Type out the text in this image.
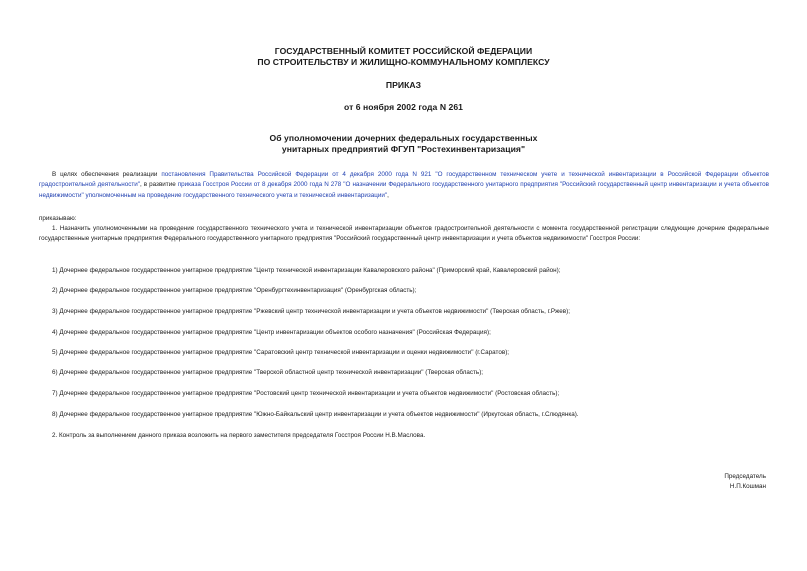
ГОСУДАРСТВЕННЫЙ КОМИТЕТ РОССИЙСКОЙ ФЕДЕРАЦИИ
ПО СТРОИТЕЛЬСТВУ И ЖИЛИЩНО-КОММУНАЛЬНОМУ КОМПЛЕКСУ
ПРИКАЗ
от 6 ноября 2002 года N 261
Об уполномочении дочерних федеральных государственных
унитарных предприятий ФГУП "Ростехинвентаризация"
В целях обеспечения реализации постановления Правительства Российской Федерации от 4 декабря 2000 года N 921 "О государственном техническом учете и технической инвентаризации в Российской Федерации объектов градостроительной деятельности", в развитие приказа Госстроя России от 8 декабря 2000 года N 278 "О назначении Федерального государственного унитарного предприятия "Российский государственный центр инвентаризации и учета объектов недвижимости" уполномоченным на проведение государственного технического учета и технической инвентаризации",
приказываю:
1. Назначить уполномоченными на проведение государственного технического учета и технической инвентаризации объектов градостроительной деятельности с момента государственной регистрации следующие дочерние федеральные государственные унитарные предприятия Федерального государственного унитарного предприятия "Российский государственный центр инвентаризации и учета объектов недвижимости" Госстроя России:
1) Дочернее федеральное государственное унитарное предприятие "Центр технической инвентаризации Кавалеровского района" (Приморский край, Кавалеровский район);
2) Дочернее федеральное государственное унитарное предприятие "Оренбургтехинвентаризация" (Оренбургская область);
3) Дочернее федеральное государственное унитарное предприятие "Ржевский центр технической инвентаризации и учета объектов недвижимости" (Тверская область, г.Ржев);
4) Дочернее федеральное государственное унитарное предприятие "Центр инвентаризации объектов особого назначения" (Российская Федерация);
5) Дочернее федеральное государственное унитарное предприятие "Саратовский центр технической инвентаризации и оценки недвижимости" (г.Саратов);
6) Дочернее федеральное государственное унитарное предприятие "Тверской областной центр технической инвентаризации" (Тверская область);
7) Дочернее федеральное государственное унитарное предприятие "Ростовский центр технической инвентаризации и учета объектов недвижимости" (Ростовская область);
8) Дочернее федеральное государственное унитарное предприятие "Южно-Байкальский центр инвентаризации и учета объектов недвижимости" (Иркутская область, г.Слюдянка).
2. Контроль за выполнением данного приказа возложить на первого заместителя председателя Госстроя России Н.В.Маслова.
Председатель
Н.П.Кошман
